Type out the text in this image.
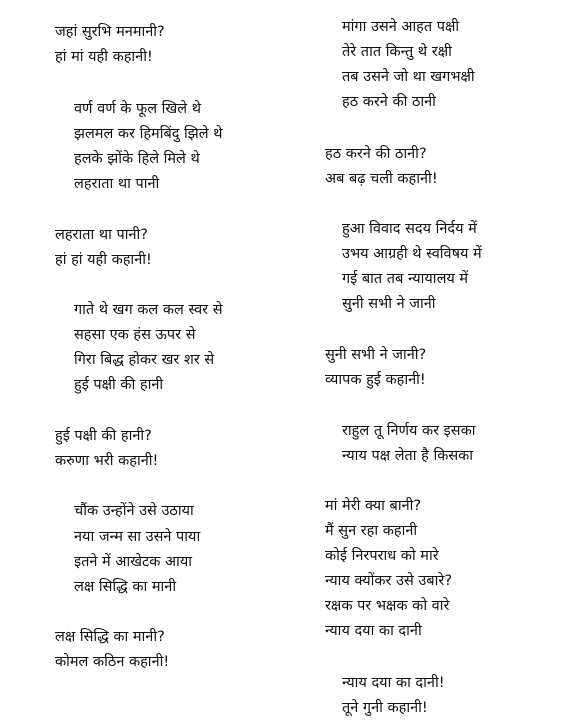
जहां सुरभि मनमानी?
हां मां यही कहानी!
वर्ण वर्ण के फूल खिले थे
झलमल कर हिमबिंदु झिले थे
हलके झोंके हिले मिले थे
लहराता था पानी
लहराता था पानी?
हां हां यही कहानी!
गाते थे खग कल कल स्वर से
सहसा एक हंस ऊपर से
गिरा बिद्ध होकर खर शर से
हुई पक्षी की हानी
हुई पक्षी की हानी?
करुणा भरी कहानी!
चौंक उन्होंने उसे उठाया
नया जन्म सा उसने पाया
इतने में आखेटक आया
लक्ष सिद्धि का मानी
लक्ष सिद्धि का मानी?
कोमल कठिन कहानी!
मांगा उसने आहत पक्षी
तेरे तात किन्तु थे रक्षी
तब उसने जो था खगभक्षी
हठ करने की ठानी
हठ करने की ठानी?
अब बढ़ चली कहानी!
हुआ विवाद सदय निर्दय में
उभय आग्रही थे स्वविषय में
गई बात तब न्यायालय में
सुनी सभी ने जानी
सुनी सभी ने जानी?
व्यापक हुई कहानी!
राहुल तू निर्णय कर इसका
न्याय पक्ष लेता है किसका
मां मेरी क्या बानी?
मैं सुन रहा कहानी
कोई निरपराध को मारे
न्याय क्योंकर उसे उबारे?
रक्षक पर भक्षक को वारे
न्याय दया का दानी
न्याय दया का दानी!
तूने गुनी कहानी!
